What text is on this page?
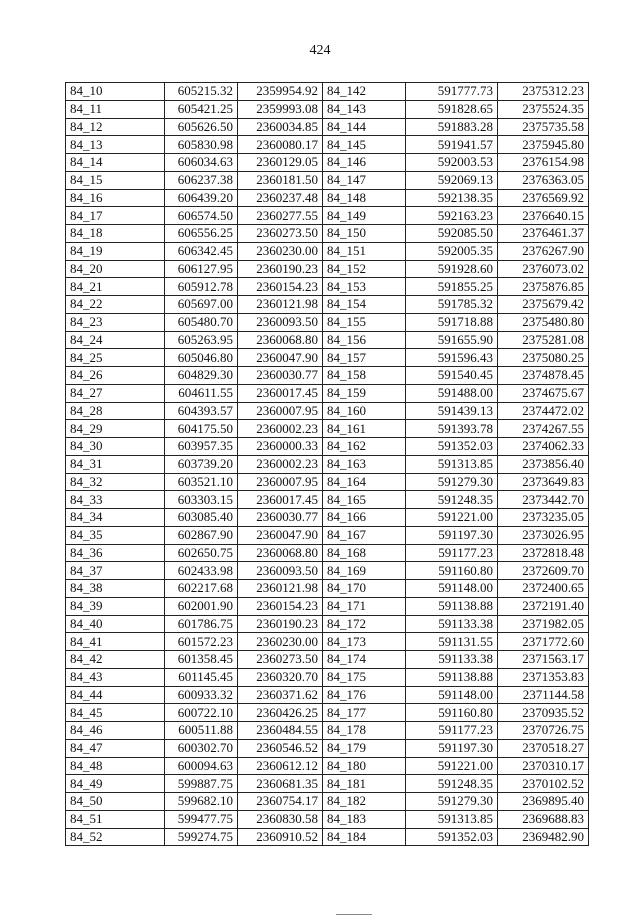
424
84_10	605215.32	2359954.92	84_142	591777.73	2375312.23
84_11	605421.25	2359993.08	84_143	591828.65	2375524.35
84_12	605626.50	2360034.85	84_144	591883.28	2375735.58
84_13	605830.98	2360080.17	84_145	591941.57	2375945.80
84_14	606034.63	2360129.05	84_146	592003.53	2376154.98
84_15	606237.38	2360181.50	84_147	592069.13	2376363.05
84_16	606439.20	2360237.48	84_148	592138.35	2376569.92
84_17	606574.50	2360277.55	84_149	592163.23	2376640.15
84_18	606556.25	2360273.50	84_150	592085.50	2376461.37
84_19	606342.45	2360230.00	84_151	592005.35	2376267.90
84_20	606127.95	2360190.23	84_152	591928.60	2376073.02
84_21	605912.78	2360154.23	84_153	591855.25	2375876.85
84_22	605697.00	2360121.98	84_154	591785.32	2375679.42
84_23	605480.70	2360093.50	84_155	591718.88	2375480.80
84_24	605263.95	2360068.80	84_156	591655.90	2375281.08
84_25	605046.80	2360047.90	84_157	591596.43	2375080.25
84_26	604829.30	2360030.77	84_158	591540.45	2374878.45
84_27	604611.55	2360017.45	84_159	591488.00	2374675.67
84_28	604393.57	2360007.95	84_160	591439.13	2374472.02
84_29	604175.50	2360002.23	84_161	591393.78	2374267.55
84_30	603957.35	2360000.33	84_162	591352.03	2374062.33
84_31	603739.20	2360002.23	84_163	591313.85	2373856.40
84_32	603521.10	2360007.95	84_164	591279.30	2373649.83
84_33	603303.15	2360017.45	84_165	591248.35	2373442.70
84_34	603085.40	2360030.77	84_166	591221.00	2373235.05
84_35	602867.90	2360047.90	84_167	591197.30	2373026.95
84_36	602650.75	2360068.80	84_168	591177.23	2372818.48
84_37	602433.98	2360093.50	84_169	591160.80	2372609.70
84_38	602217.68	2360121.98	84_170	591148.00	2372400.65
84_39	602001.90	2360154.23	84_171	591138.88	2372191.40
84_40	601786.75	2360190.23	84_172	591133.38	2371982.05
84_41	601572.23	2360230.00	84_173	591131.55	2371772.60
84_42	601358.45	2360273.50	84_174	591133.38	2371563.17
84_43	601145.45	2360320.70	84_175	591138.88	2371353.83
84_44	600933.32	2360371.62	84_176	591148.00	2371144.58
84_45	600722.10	2360426.25	84_177	591160.80	2370935.52
84_46	600511.88	2360484.55	84_178	591177.23	2370726.75
84_47	600302.70	2360546.52	84_179	591197.30	2370518.27
84_48	600094.63	2360612.12	84_180	591221.00	2370310.17
84_49	599887.75	2360681.35	84_181	591248.35	2370102.52
84_50	599682.10	2360754.17	84_182	591279.30	2369895.40
84_51	599477.75	2360830.58	84_183	591313.85	2369688.83
84_52	599274.75	2360910.52	84_184	591352.03	2369482.90
